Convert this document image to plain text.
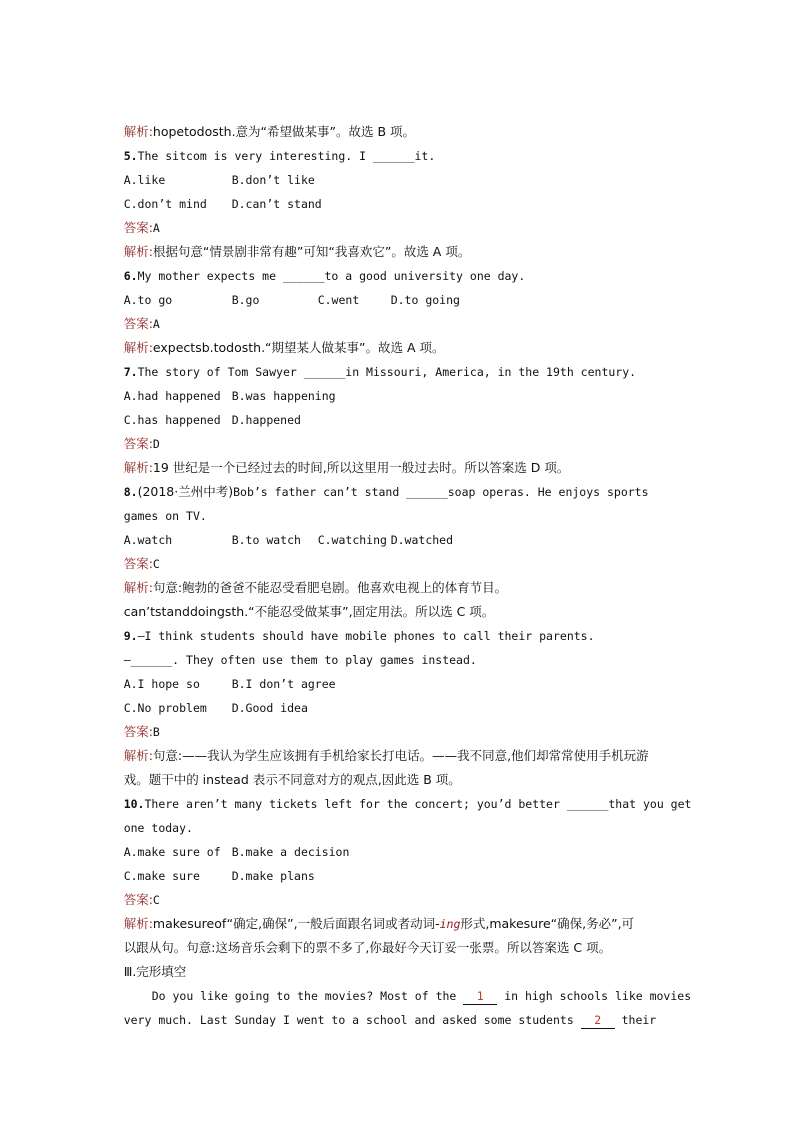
解析:hopetodosth.意为“希望做某事”。故选 B 项。

5.The sitcom is very interesting. I ______it.

A.like	B.don’t like

C.don’t mind D.can’t stand

答案:A

解析:根据句意“情景剧非常有趣”可知“我喜欢它”。故选 A 项。

6.My mother expects me ______to a good university one day.

A.to go	B.go	C.went	D.to going

答案:A

解析:expectsb.todosth.“期望某人做某事”。故选 A 项。

7.The story of Tom Sawyer ______in Missouri, America, in the 19th century.

A.had happened B.was happening

C.has happened D.happened

答案:D

解析:19 世纪是一个已经过去的时间,所以这里用一般过去时。所以答案选 D 项。

8.(2018·兰州中考)Bob’s father can’t stand ______soap operas. He enjoys sports

games on TV.

A.watch	B.to watch C.watching D.watched

答案:C

解析:句意:鲍勃的爸爸不能忍受看肥皂剧。他喜欢电视上的体育节目。

can’tstanddoingsth.“不能忍受做某事”,固定用法。所以选 C 项。

9.—I think students should have mobile phones to call their parents.

—______. They often use them to play games instead.

A.I hope so	B.I don’t agree

C.No problem D.Good idea

答案:B

解析:句意:——我认为学生应该拥有手机给家长打电话。——我不同意,他们却常常使用手机玩游

戏。题干中的 instead 表示不同意对方的观点,因此选 B 项。

10.There aren’t many tickets left for the concert; you’d better ______that you get

one today.

A.make sure of B.make a decision

C.make sure	D.make plans

答案:C

解析:makesureof“确定,确保”,一般后面跟名词或者动词-ing形式,makesure“确保,务必”,可

以跟从句。句意:这场音乐会剩下的票不多了,你最好今天订妥一张票。所以答案选 C 项。

Ⅲ.完形填空

Do you like going to the movies? Most of the 1 in high schools like movies

very much. Last Sunday I went to a school and asked some students 2 their
